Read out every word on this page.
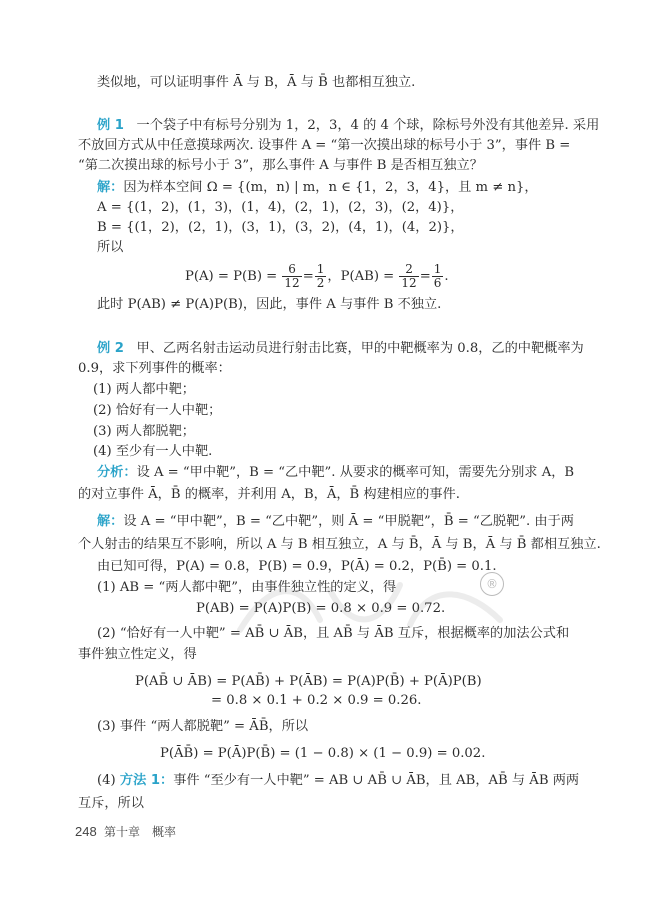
类似地，可以证明事件 Ā 与 B，Ā 与 B̄ 也都相互独立.
例 1 一个袋子中有标号分别为 1，2，3，4 的 4 个球，除标号外没有其他差异. 采用
不放回方式从中任意摸球两次. 设事件 A = “第一次摸出球的标号小于 3”，事件 B =
“第二次摸出球的标号小于 3”，那么事件 A 与事件 B 是否相互独立？
解：因为样本空间 Ω = {(m，n) | m，n ∈ {1，2，3，4}，且 m ≠ n}，
A = {(1，2)，(1，3)，(1，4)，(2，1)，(2，3)，(2，4)}，
B = {(1，2)，(2，1)，(3，1)，(3，2)，(4，1)，(4，2)}，
所以
$P(A) = P(B) = \frac{6}{12} = \frac{1}{2}$ ，$P(AB) = \frac{2}{12} = \frac{1}{6}$ .
此时 P(AB) ≠ P(A)P(B)，因此，事件 A 与事件 B 不独立.
例 2 甲、乙两名射击运动员进行射击比赛，甲的中靶概率为 0.8，乙的中靶概率为
0.9，求下列事件的概率：
(1) 两人都中靶；
(2) 恰好有一人中靶；
(3) 两人都脱靶；
(4) 至少有一人中靶.
分析：设 A = “甲中靶”，B = “乙中靶”. 从要求的概率可知，需要先分别求 A，B
的对立事件 Ā，B̄ 的概率，并利用 A，B，Ā，B̄ 构建相应的事件.
解：设 A = “甲中靶”，B = “乙中靶”，则 Ā = “甲脱靶”，B̄ = “乙脱靶”. 由于两
个人射击的结果互不影响，所以 A 与 B 相互独立，A 与 B̄，Ā 与 B，Ā 与 B̄ 都相互独立.
由已知可得，P(A) = 0.8，P(B) = 0.9，P(Ā) = 0.2，P(B̄) = 0.1.
(1) AB = “两人都中靶”，由事件独立性的定义，得
P(AB) = P(A)P(B) = 0.8 × 0.9 = 0.72.
(2) “恰好有一人中靶” = AB̄ ∪ ĀB，且 AB̄ 与 ĀB 互斥，根据概率的加法公式和
事件独立性定义，得
P(AB̄ ∪ ĀB) = P(AB̄) + P(ĀB) = P(A)P(B̄) + P(Ā)P(B)
= 0.8 × 0.1 + 0.2 × 0.9 = 0.26.
(3) 事件 “两人都脱靶” = ĀB̄，所以
P(ĀB̄) = P(Ā)P(B̄) = (1 − 0.8) × (1 − 0.9) = 0.02.
(4) 方法 1：事件 “至少有一人中靶” = AB ∪ AB̄ ∪ ĀB，且 AB，AB̄ 与 ĀB 两两
互斥，所以
®
248 第十章　概率
